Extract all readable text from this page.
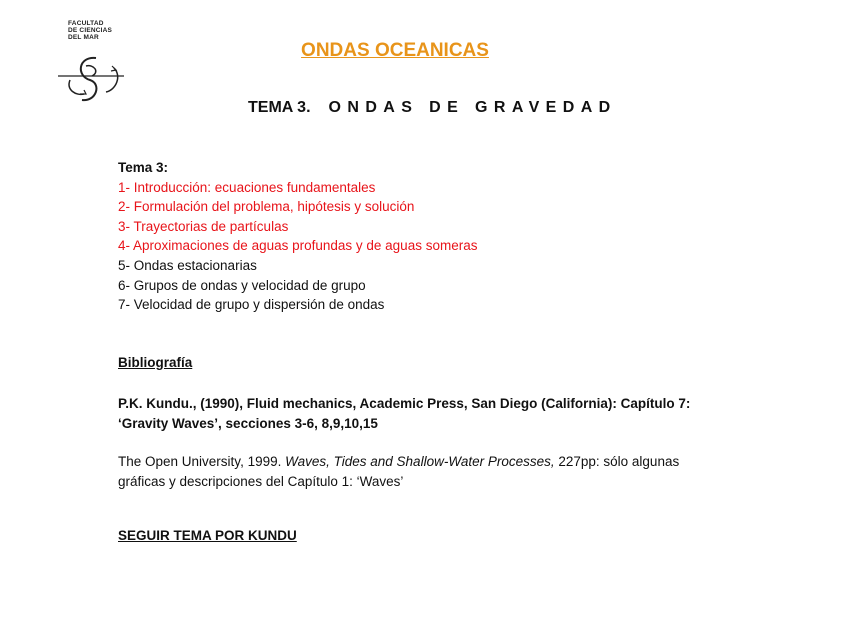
FACULTAD
DE CIENCIAS
DEL MAR
ONDAS OCEANICAS
TEMA 3. ONDAS DE GRAVEDAD
Tema 3:
1- Introducción: ecuaciones fundamentales
2- Formulación del problema, hipótesis y solución
3- Trayectorias de partículas
4- Aproximaciones de aguas profundas y de aguas someras
5- Ondas estacionarias
6- Grupos de ondas y velocidad de grupo
7- Velocidad de grupo y dispersión de ondas
Bibliografía
P.K. Kundu., (1990), Fluid mechanics, Academic Press, San Diego (California): Capítulo 7:
‘Gravity Waves’, secciones 3-6, 8,9,10,15
The Open University, 1999. Waves, Tides and Shallow-Water Processes, 227pp: sólo algunas
gráficas y descripciones del Capítulo 1: ‘Waves’
SEGUIR TEMA POR KUNDU
